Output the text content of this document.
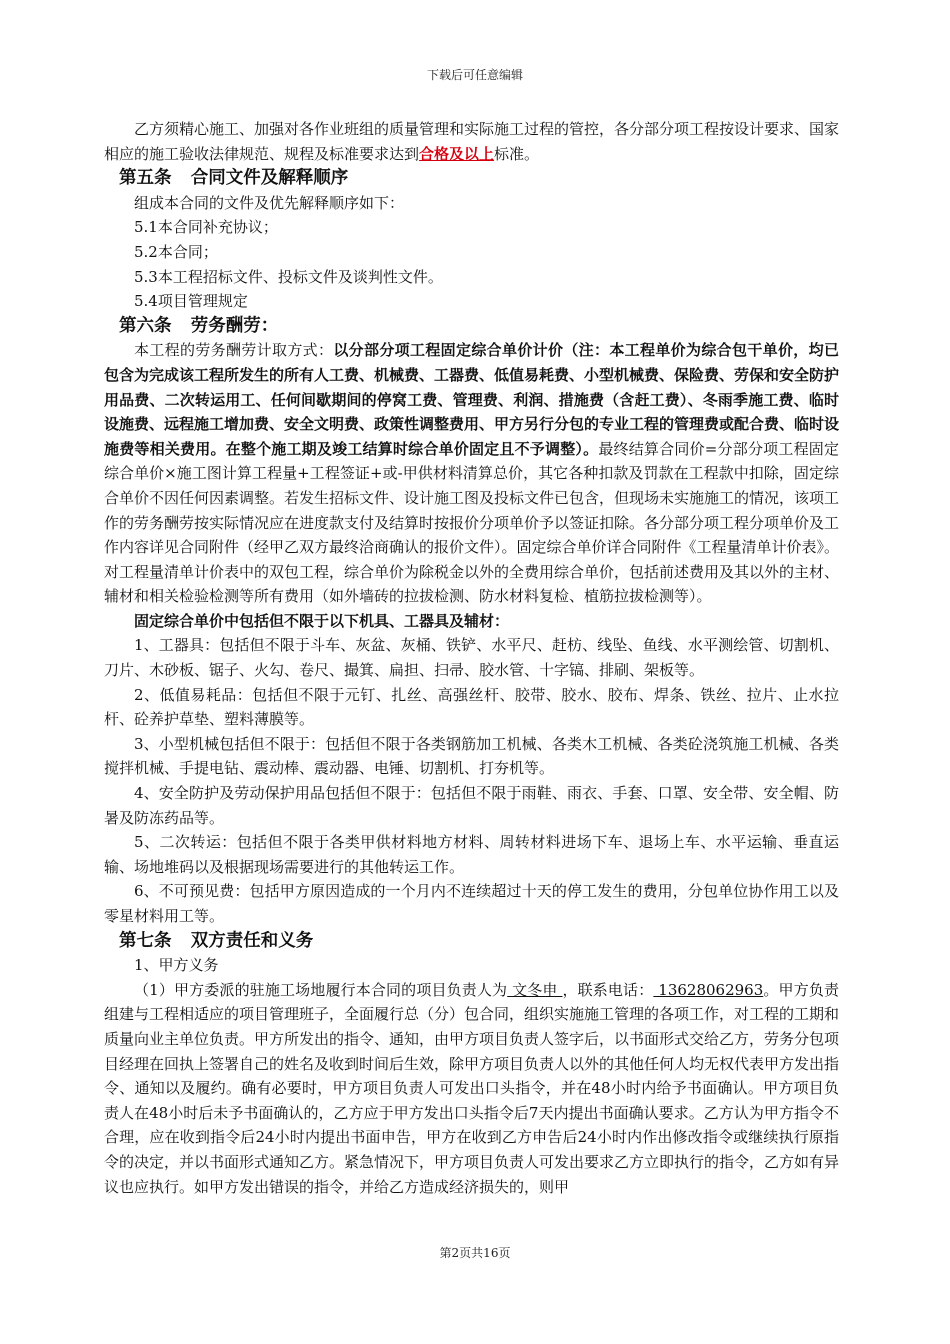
下载后可任意编辑

乙方须精心施工、加强对各作业班组的质量管理和实际施工过程的管控，各分部分项工程按设计要求、国家相应的施工验收法律规范、规程及标准要求达到合格及以上标准。

第五条 合同文件及解释顺序

组成本合同的文件及优先解释顺序如下：

5.1本合同补充协议；

5.2本合同；

5.3本工程招标文件、投标文件及谈判性文件。

5.4项目管理规定

第六条 劳务酬劳：

本工程的劳务酬劳计取方式：以分部分项工程固定综合单价计价（注：本工程单价为综合包干单价，均已包含为完成该工程所发生的所有人工费、机械费、工器费、低值易耗费、小型机械费、保险费、劳保和安全防护用品费、二次转运用工、任何间歇期间的停窝工费、管理费、利润、措施费（含赶工费）、冬雨季施工费、临时设施费、远程施工增加费、安全文明费、政策性调整费用、甲方另行分包的专业工程的管理费或配合费、临时设施费等相关费用。在整个施工期及竣工结算时综合单价固定且不予调整）。最终结算合同价=分部分项工程固定综合单价×施工图计算工程量+工程签证+或-甲供材料清算总价，其它各种扣款及罚款在工程款中扣除，固定综合单价不因任何因素调整。若发生招标文件、设计施工图及投标文件已包含，但现场未实施施工的情况，该项工作的劳务酬劳按实际情况应在进度款支付及结算时按报价分项单价予以签证扣除。各分部分项工程分项单价及工作内容详见合同附件（经甲乙双方最终洽商确认的报价文件）。固定综合单价详合同附件《工程量清单计价表》。对工程量清单计价表中的双包工程，综合单价为除税金以外的全费用综合单价，包括前述费用及其以外的主材、辅材和相关检验检测等所有费用（如外墙砖的拉拔检测、防水材料复检、植筋拉拔检测等）。

固定综合单价中包括但不限于以下机具、工器具及辅材：

1、工器具：包括但不限于斗车、灰盆、灰桶、铁铲、水平尺、赶枋、线坠、鱼线、水平测绘管、切割机、刀片、木砂板、锯子、火勾、卷尺、撮箕、扁担、扫帚、胶水管、十字镐、排刷、架板等。

2、低值易耗品：包括但不限于元钉、扎丝、高强丝杆、胶带、胶水、胶布、焊条、铁丝、拉片、止水拉杆、砼养护草垫、塑料薄膜等。

3、小型机械包括但不限于：包括但不限于各类钢筋加工机械、各类木工机械、各类砼浇筑施工机械、各类搅拌机械、手提电钻、震动棒、震动器、电锤、切割机、打夯机等。

4、安全防护及劳动保护用品包括但不限于：包括但不限于雨鞋、雨衣、手套、口罩、安全带、安全帽、防暑及防冻药品等。

5、二次转运：包括但不限于各类甲供材料地方材料、周转材料进场下车、退场上车、水平运输、垂直运输、场地堆码以及根据现场需要进行的其他转运工作。

6、不可预见费：包括甲方原因造成的一个月内不连续超过十天的停工发生的费用，分包单位协作用工以及零星材料用工等。

第七条 双方责任和义务

1、甲方义务

（1）甲方委派的驻施工场地履行本合同的项目负责人为 文冬申 ，联系电话： 13628062963。甲方负责组建与工程相适应的项目管理班子，全面履行总（分）包合同，组织实施施工管理的各项工作，对工程的工期和质量向业主单位负责。甲方所发出的指令、通知，由甲方项目负责人签字后，以书面形式交给乙方，劳务分包项目经理在回执上签署自己的姓名及收到时间后生效，除甲方项目负责人以外的其他任何人均无权代表甲方发出指令、通知以及履约。确有必要时，甲方项目负责人可发出口头指令，并在48小时内给予书面确认。甲方项目负责人在48小时后未予书面确认的，乙方应于甲方发出口头指令后7天内提出书面确认要求。乙方认为甲方指令不合理，应在收到指令后24小时内提出书面申告，甲方在收到乙方申告后24小时内作出修改指令或继续执行原指令的决定，并以书面形式通知乙方。紧急情况下，甲方项目负责人可发出要求乙方立即执行的指令，乙方如有异议也应执行。如甲方发出错误的指令，并给乙方造成经济损失的，则甲

第2页共16页
